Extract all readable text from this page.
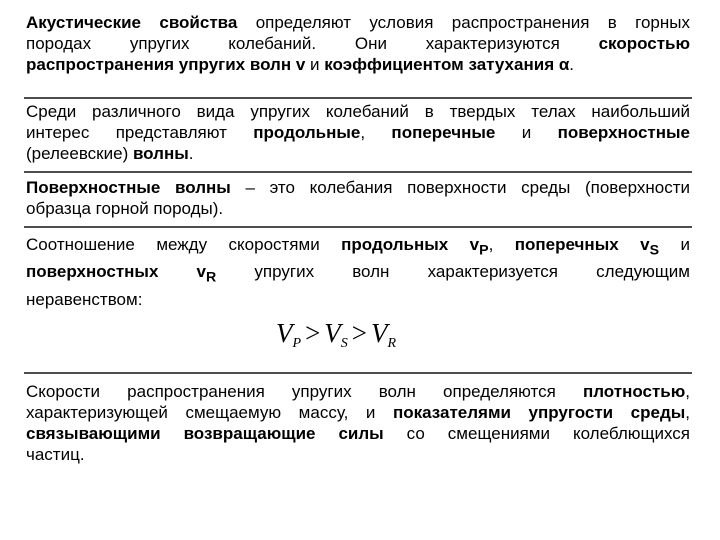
Акустические свойства определяют условия распространения в горных
породах упругих колебаний. Они характеризуются скоростью
распространения упругих волн v и коэффициентом затухания α.
Среди различного вида упругих колебаний в твердых телах наибольший
интерес представляют продольные, поперечные и поверхностные
(релеевские) волны.
Поверхностные волны – это колебания поверхности среды (поверхности
образца горной породы).
Соотношение между скоростями продольных $v_P$, поперечных $v_S$ и
поверхностных $v_R$ упругих волн характеризуется следующим
неравенством:
$V_P > V_S > V_R$
Скорости распространения упругих волн определяются плотностью,
характеризующей смещаемую массу, и показателями упругости среды,
связывающими возвращающие силы со смещениями колеблющихся
частиц.
